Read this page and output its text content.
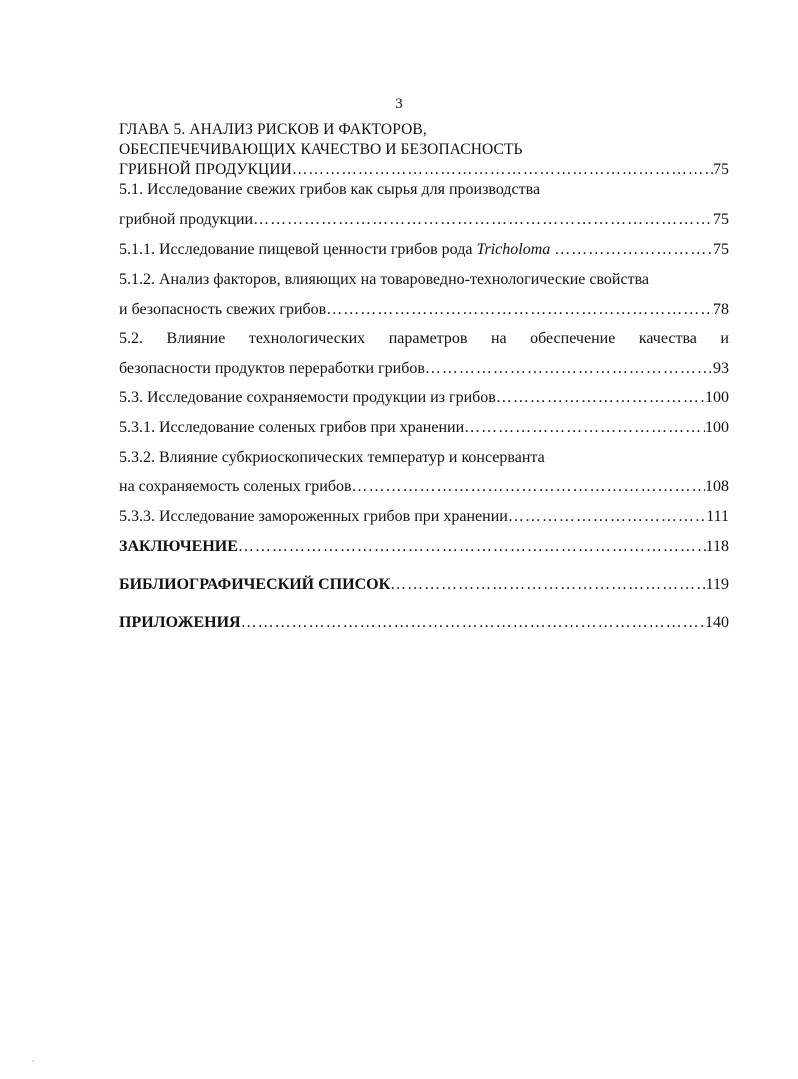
3
ГЛАВА 5. АНАЛИЗ РИСКОВ И ФАКТОРОВ,
ОБЕСПЕЧЕЧИВАЮЩИХ КАЧЕСТВО И БЕЗОПАСНОСТЬ
ГРИБНОЙ ПРОДУКЦИИ ……………………………………………………………………………………………………………………………………………………………………………………………………	75
5.1. Исследование свежих грибов как сырья для производства
грибной продукции ……………………………………………………………………………………………………………………………………………………………………………………………………	75
5.1.1. Исследование пищевой ценности грибов рода Tricholoma ……………………………………………………………………………………………………………………………………………………………………………………………………	75
5.1.2. Анализ факторов, влияющих на товароведно-технологические свойства
и безопасность свежих грибов ……………………………………………………………………………………………………………………………………………………………………………………………………	78
5.2. Влияние технологических параметров на обеспечение качества и
безопасности продуктов переработки грибов ……………………………………………………………………………………………………………………………………………………………………………………………………	93
5.3. Исследование сохраняемости продукции из грибов ……………………………………………………………………………………………………………………………………………………………………………………………………	100
5.3.1. Исследование соленых грибов при хранении ……………………………………………………………………………………………………………………………………………………………………………………………………	100
5.3.2. Влияние субкриоскопических температур и консерванта
на сохраняемость соленых грибов ……………………………………………………………………………………………………………………………………………………………………………………………………	108
5.3.3. Исследование замороженных грибов при хранении ……………………………………………………………………………………………………………………………………………………………………………………………………	111
ЗАКЛЮЧЕНИЕ ……………………………………………………………………………………………………………………………………………………………………………………………………	118
БИБЛИОГРАФИЧЕСКИЙ СПИСОК ……………………………………………………………………………………………………………………………………………………………………………………………………	119
ПРИЛОЖЕНИЯ ……………………………………………………………………………………………………………………………………………………………………………………………………	140
ˏ
